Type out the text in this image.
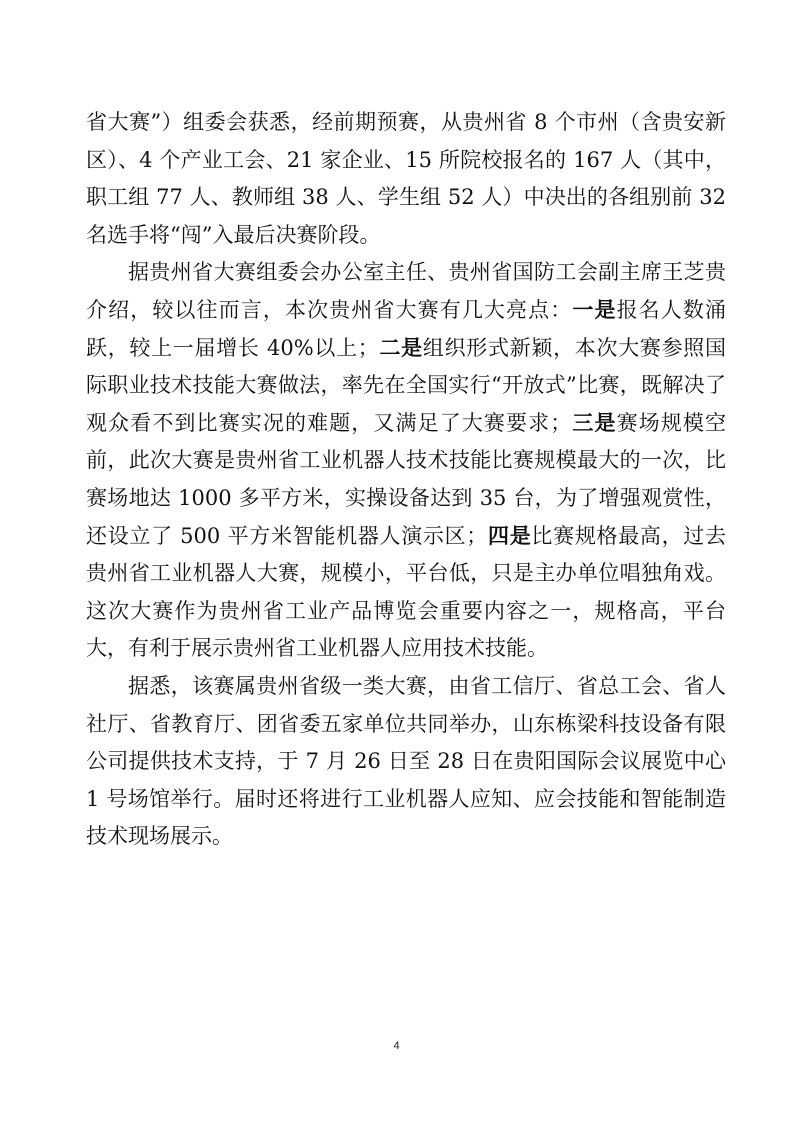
省大赛”）组委会获悉，经前期预赛，从贵州省 8 个市州（含贵安新区）、4 个产业工会、21 家企业、15 所院校报名的 167 人（其中，职工组 77 人、教师组 38 人、学生组 52 人）中决出的各组别前 32 名选手将“闯”入最后决赛阶段。

据贵州省大赛组委会办公室主任、贵州省国防工会副主席王芝贵介绍，较以往而言，本次贵州省大赛有几大亮点：一是报名人数涌跃，较上一届增长 40%以上；二是组织形式新颖，本次大赛参照国际职业技术技能大赛做法，率先在全国实行“开放式”比赛，既解决了观众看不到比赛实况的难题，又满足了大赛要求；三是赛场规模空前，此次大赛是贵州省工业机器人技术技能比赛规模最大的一次，比赛场地达 1000 多平方米，实操设备达到 35 台，为了增强观赏性，还设立了 500 平方米智能机器人演示区；四是比赛规格最高，过去贵州省工业机器人大赛，规模小，平台低，只是主办单位唱独角戏。这次大赛作为贵州省工业产品博览会重要内容之一，规格高，平台大，有利于展示贵州省工业机器人应用技术技能。

据悉，该赛属贵州省级一类大赛，由省工信厅、省总工会、省人社厅、省教育厅、团省委五家单位共同举办，山东栋梁科技设备有限公司提供技术支持，于 7 月 26 日至 28 日在贵阳国际会议展览中心 1 号场馆举行。届时还将进行工业机器人应知、应会技能和智能制造技术现场展示。

4
